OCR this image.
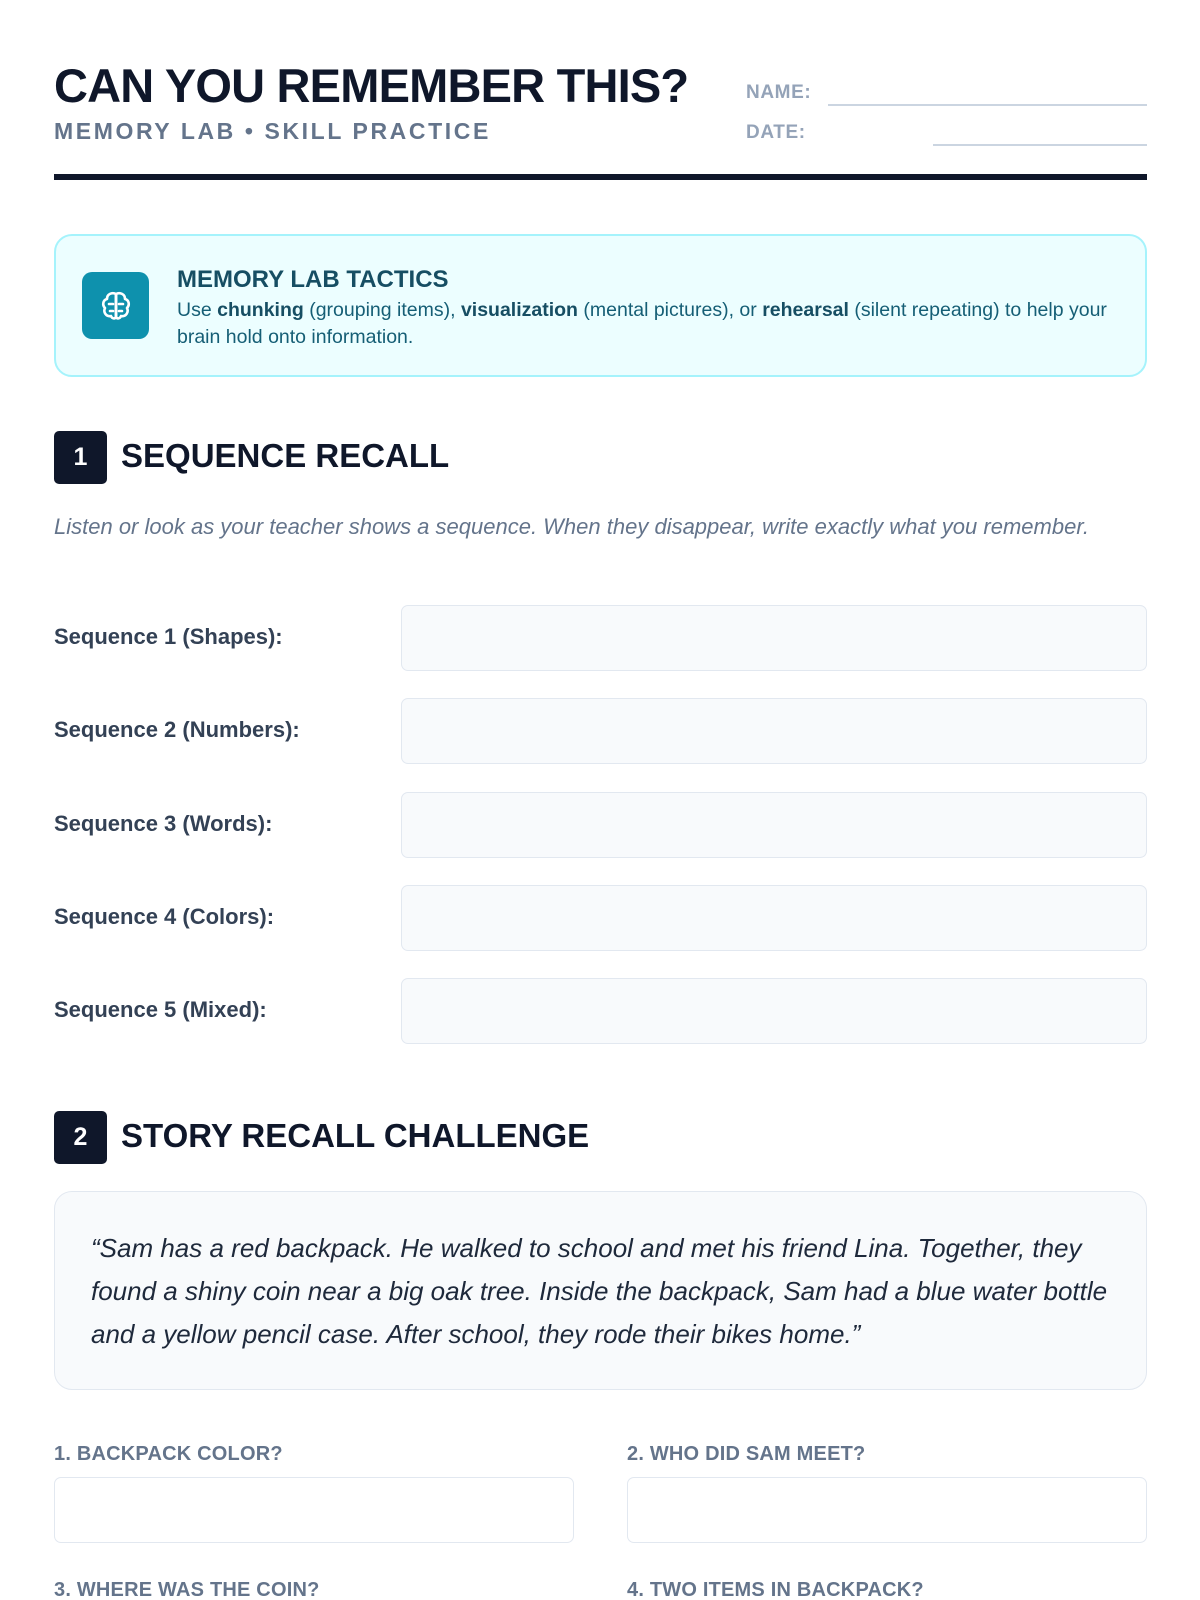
CAN YOU REMEMBER THIS?
MEMORY LAB • SKILL PRACTICE
NAME:
DATE:
MEMORY LAB TACTICS
Use chunking (grouping items), visualization (mental pictures), or rehearsal (silent repeating) to help your brain hold onto information.
1	SEQUENCE RECALL
Listen or look as your teacher shows a sequence. When they disappear, write exactly what you remember.
Sequence 1 (Shapes):
Sequence 2 (Numbers):
Sequence 3 (Words):
Sequence 4 (Colors):
Sequence 5 (Mixed):
2	STORY RECALL CHALLENGE
“Sam has a red backpack. He walked to school and met his friend Lina. Together, they found a shiny coin near a big oak tree. Inside the backpack, Sam had a blue water bottle and a yellow pencil case. After school, they rode their bikes home.”
1. BACKPACK COLOR?	2. WHO DID SAM MEET?
3. WHERE WAS THE COIN?	4. TWO ITEMS IN BACKPACK?
